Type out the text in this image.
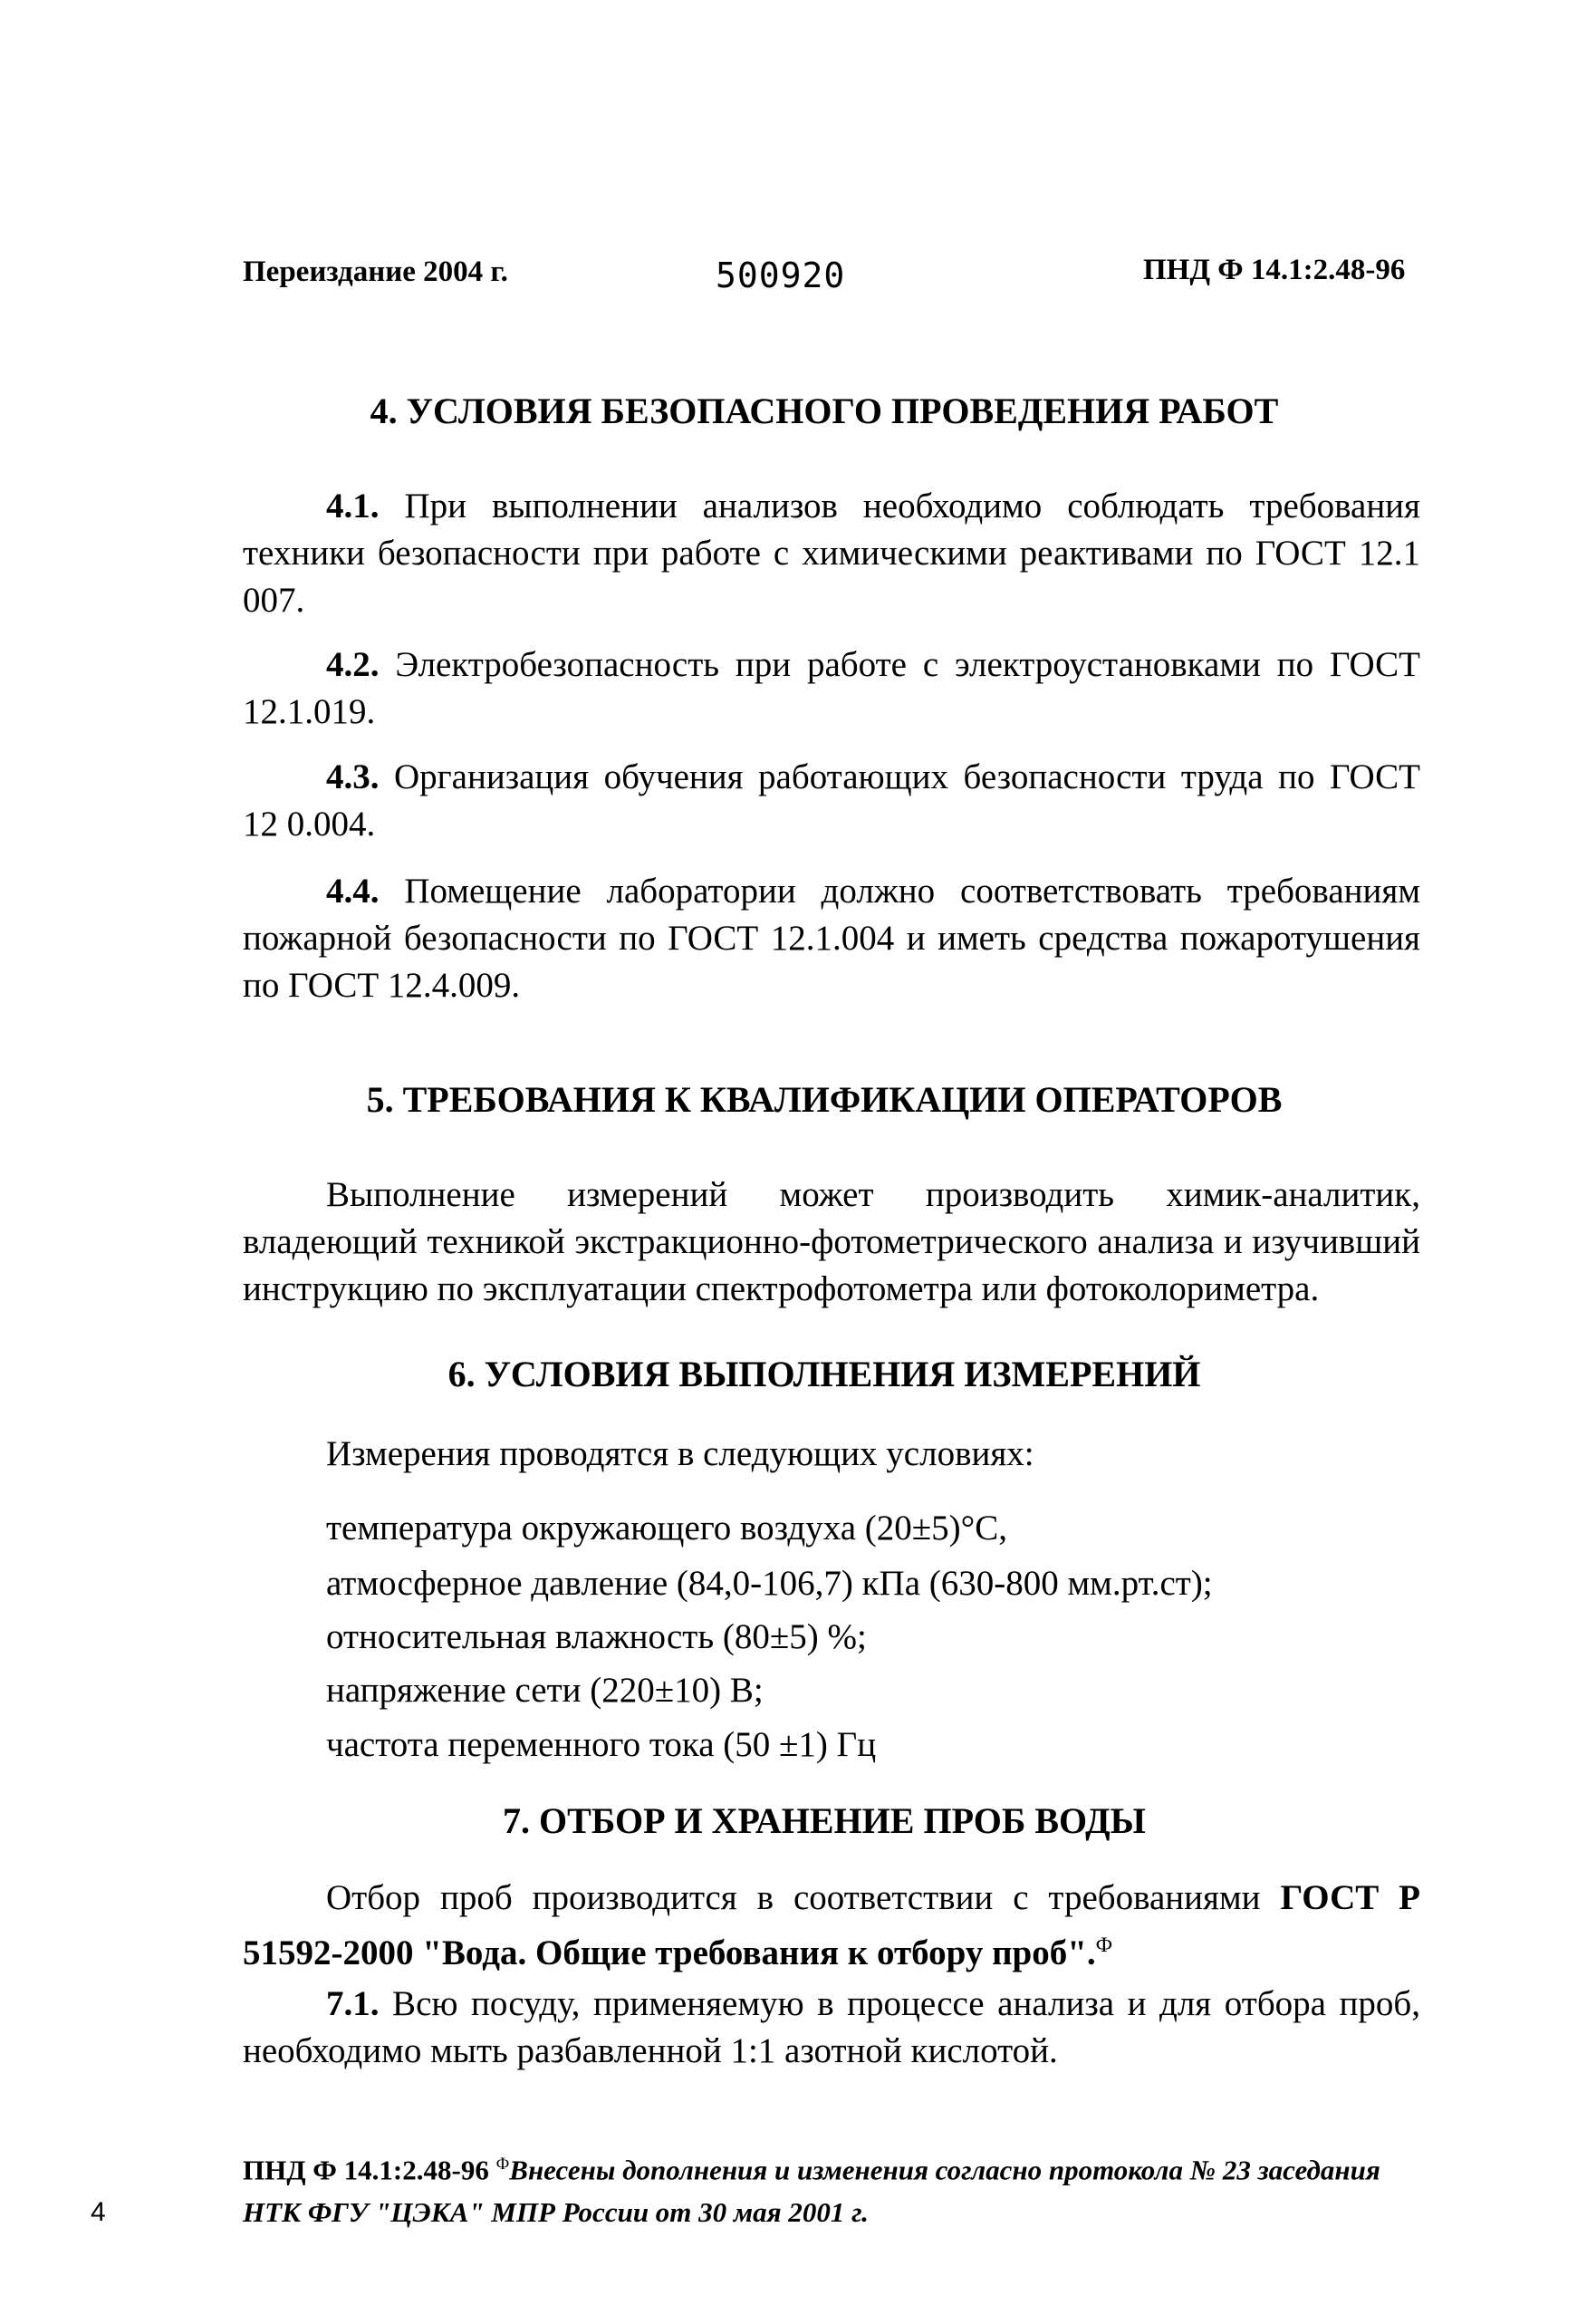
Переиздание 2004 г.	500920	ПНД Ф 14.1:2.48-96
4. УСЛОВИЯ БЕЗОПАСНОГО ПРОВЕДЕНИЯ РАБОТ
4.1. При выполнении анализов необходимо соблюдать требования техники безопасности при работе с химическими реактивами по ГОСТ 12.1 007.
4.2. Электробезопасность при работе с электроустановками по ГОСТ 12.1.019.
4.3. Организация обучения работающих безопасности труда по ГОСТ 12 0.004.
4.4. Помещение лаборатории должно соответствовать требованиям пожарной безопасности по ГОСТ 12.1.004 и иметь средства пожаротушения по ГОСТ 12.4.009.
5. ТРЕБОВАНИЯ К КВАЛИФИКАЦИИ ОПЕРАТОРОВ
Выполнение измерений может производить химик-аналитик, владеющий техникой экстракционно-фотометрического анализа и изучивший инструкцию по эксплуатации спектрофотометра или фотоколориметра.
6. УСЛОВИЯ ВЫПОЛНЕНИЯ ИЗМЕРЕНИЙ
Измерения проводятся в следующих условиях:
температура окружающего воздуха (20±5)°С,
атмосферное давление (84,0-106,7) кПа (630-800 мм.рт.ст);
относительная влажность (80±5) %;
напряжение сети (220±10) В;
частота переменного тока (50 ±1) Гц
7. ОТБОР И ХРАНЕНИЕ ПРОБ ВОДЫ
Отбор проб производится в соответствии с требованиями ГОСТ Р 51592-2000 "Вода. Общие требования к отбору проб".$^Ф$
7.1. Всю посуду, применяемую в процессе анализа и для отбора проб, необходимо мыть разбавленной 1:1 азотной кислотой.
ПНД Ф 14.1:2.48-96 $^Ф$Внесены дополнения и изменения согласно протокола № 23 заседания НТК ФГУ "ЦЭКА" МПР России от 30 мая 2001 г.
4
